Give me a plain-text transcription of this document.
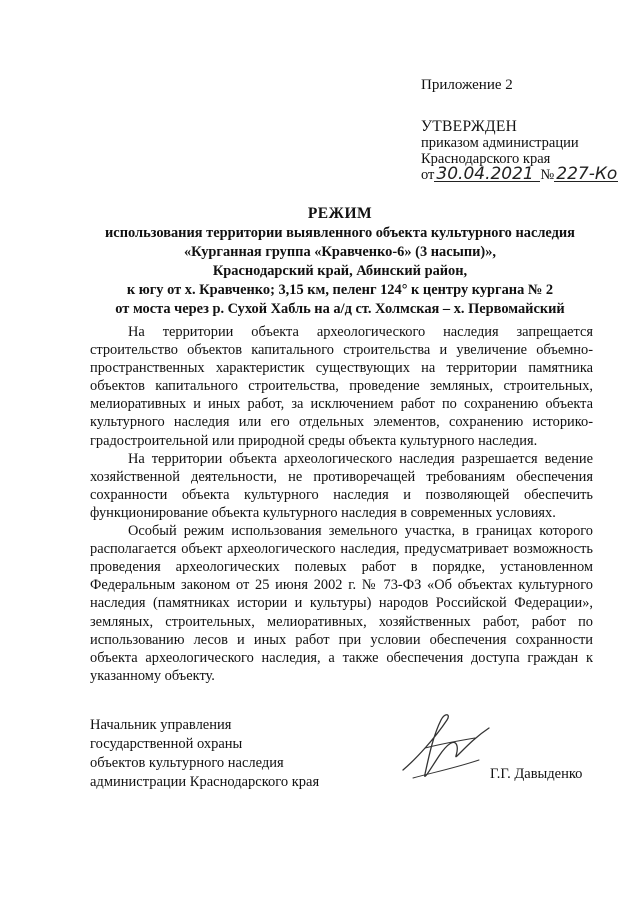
Приложение 2
УТВЕРЖДЕН
приказом администрации
Краснодарского края
от 30.04.2021 № 227-Ко
РЕЖИМ
использования территории выявленного объекта культурного наследия
«Курганная группа «Кравченко-6» (3 насыпи)»,
Краснодарский край, Абинский район,
к югу от х. Кравченко; 3,15 км, пеленг 124° к центру кургана № 2
от моста через р. Сухой Хабль на а/д ст. Холмская – х. Первомайский

На территории объекта археологического наследия запрещается строительство объектов капитального строительства и увеличение объемно-пространственных характеристик существующих на территории памятника объектов капитального строительства, проведение земляных, строительных, мелиоративных и иных работ, за исключением работ по сохранению объекта культурного наследия или его отдельных элементов, сохранению историко-градостроительной или природной среды объекта культурного наследия.

На территории объекта археологического наследия разрешается ведение хозяйственной деятельности, не противоречащей требованиям обеспечения сохранности объекта культурного наследия и позволяющей обеспечить функционирование объекта культурного наследия в современных условиях.

Особый режим использования земельного участка, в границах которого располагается объект археологического наследия, предусматривает возможность проведения археологических полевых работ в порядке, установленном Федеральным законом от 25 июня 2002 г. № 73-ФЗ «Об объектах культурного наследия (памятниках истории и культуры) народов Российской Федерации», земляных, строительных, мелиоративных, хозяйственных работ, работ по использованию лесов и иных работ при условии обеспечения сохранности объекта археологического наследия, а также обеспечения доступа граждан к указанному объекту.

Начальник управления
государственной охраны
объектов культурного наследия
администрации Краснодарского края	Г.Г. Давыденко
